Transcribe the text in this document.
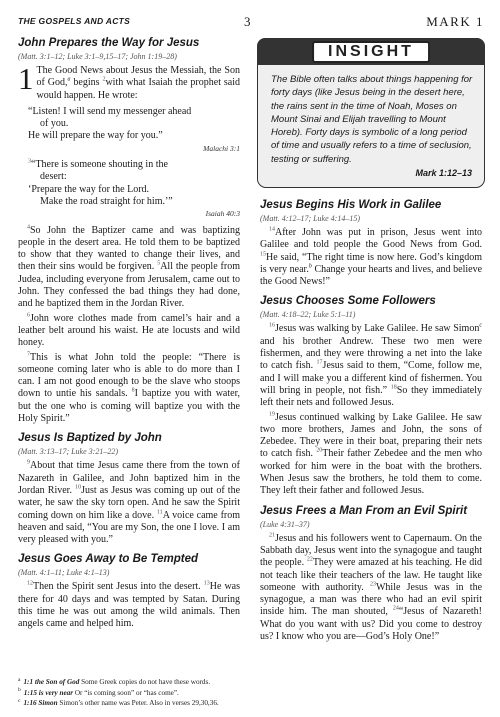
THE GOSPELS AND ACTS	3	MARK 1
John Prepares the Way for Jesus
(Matt. 3:1–12; Luke 3:1–9,15–17; John 1:19–28)

1 The Good News about Jesus the Messiah, the Son of God,$^a$ begins $^2$with what Isaiah the prophet said would happen. He wrote:

“Listen! I will send my messenger ahead
of you.
He will prepare the way for you.”
Malachi 3:1
$^3$“There is someone shouting in the
desert:
‘Prepare the way for the Lord.
Make the road straight for him.’”
Isaiah 40:3

$^4$So John the Baptizer came and was baptizing people in the desert area. He told them to be baptized to show that they wanted to change their lives, and then their sins would be forgiven. $^5$All the people from Judea, including everyone from Jerusalem, came out to John. They confessed the bad things they had done, and he baptized them in the Jordan River.

$^6$John wore clothes made from camel’s hair and a leather belt around his waist. He ate locusts and wild honey.

$^7$This is what John told the people: “There is someone coming later who is able to do more than I can. I am not good enough to be the slave who stoops down to untie his sandals. $^8$I baptize you with water, but the one who is coming will baptize you with the Holy Spirit.”

Jesus Is Baptized by John
(Matt. 3:13–17; Luke 3:21–22)

$^9$About that time Jesus came there from the town of Nazareth in Galilee, and John baptized him in the Jordan River. $^{10}$Just as Jesus was coming up out of the water, he saw the sky torn open. And he saw the Spirit coming down on him like a dove. $^{11}$A voice came from heaven and said, “You are my Son, the one I love. I am very pleased with you.”

Jesus Goes Away to Be Tempted
(Matt. 4:1–11; Luke 4:1–13)

$^{12}$Then the Spirit sent Jesus into the desert. $^{13}$He was there for 40 days and was tempted by Satan. During this time he was out among the wild animals. Then angels came and helped him.

INSIGHT
The Bible often talks about things happening for forty days (like Jesus being in the desert here, the rains sent in the time of Noah, Moses on Mount Sinai and Elijah travelling to Mount Horeb). Forty days is symbolic of a long period of time and usually refers to a time of seclusion, testing or suffering.
Mark 1:12–13
Jesus Begins His Work in Galilee
(Matt. 4:12–17; Luke 4:14–15)

$^{14}$After John was put in prison, Jesus went into Galilee and told people the Good News from God. $^{15}$He said, “The right time is now here. God’s kingdom is very near.$^b$ Change your hearts and lives, and believe the Good News!”

Jesus Chooses Some Followers
(Matt. 4:18–22; Luke 5:1–11)

$^{16}$Jesus was walking by Lake Galilee. He saw Simon$^c$ and his brother Andrew. These two men were fishermen, and they were throwing a net into the lake to catch fish. $^{17}$Jesus said to them, “Come, follow me, and I will make you a different kind of fishermen. You will bring in people, not fish.” $^{18}$So they immediately left their nets and followed Jesus.

$^{19}$Jesus continued walking by Lake Galilee. He saw two more brothers, James and John, the sons of Zebedee. They were in their boat, preparing their nets to catch fish. $^{20}$Their father Zebedee and the men who worked for him were in the boat with the brothers. When Jesus saw the brothers, he told them to come. They left their father and followed Jesus.

Jesus Frees a Man From an Evil Spirit
(Luke 4:31–37)

$^{21}$Jesus and his followers went to Capernaum. On the Sabbath day, Jesus went into the synagogue and taught the people. $^{22}$They were amazed at his teaching. He did not teach like their teachers of the law. He taught like someone with authority. $^{23}$While Jesus was in the synagogue, a man was there who had an evil spirit inside him. The man shouted, $^{24}$“Jesus of Nazareth! What do you want with us? Did you come to destroy us? I know who you are—God’s Holy One!”

$^a$ 1:1 the Son of God Some Greek copies do not have these words.
$^b$ 1:15 is very near Or “is coming soon” or “has come”.
$^c$ 1:16 Simon Simon’s other name was Peter. Also in verses 29,30,36.
